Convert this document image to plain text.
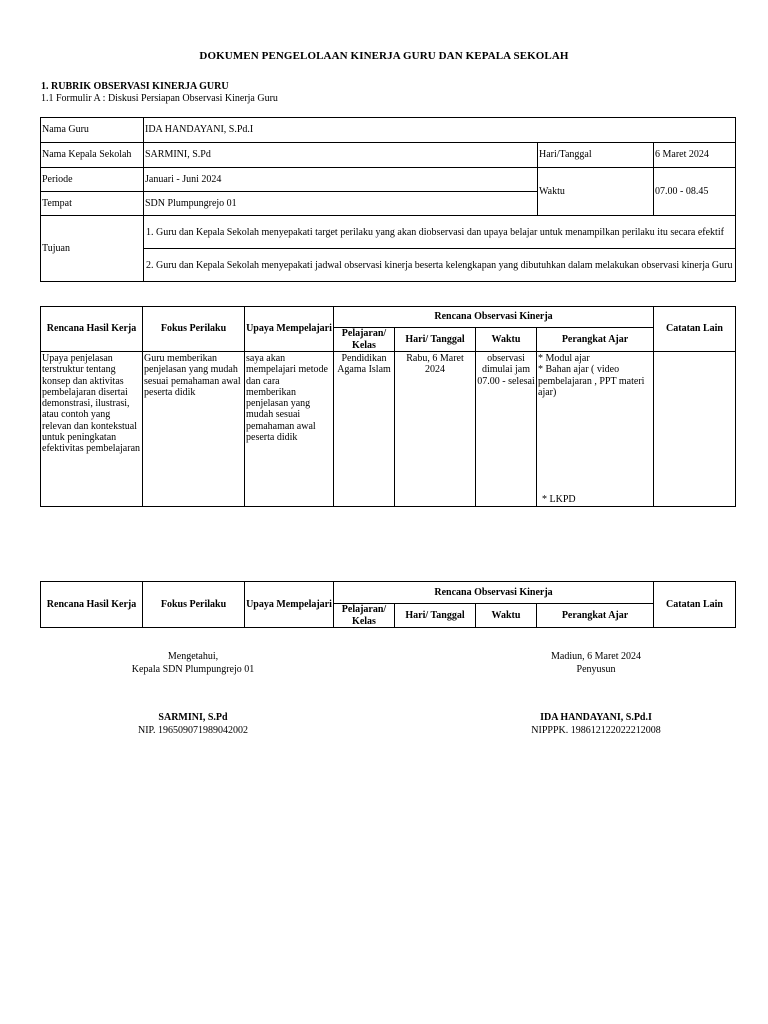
DOKUMEN PENGELOLAAN KINERJA GURU DAN KEPALA SEKOLAH
1. RUBRIK OBSERVASI KINERJA GURU
1.1 Formulir A : Diskusi Persiapan Observasi Kinerja Guru
Nama Guru	IDA HANDAYANI, S.Pd.I		
Nama Kepala Sekolah	SARMINI, S.Pd	Hari/Tanggal	6 Maret 2024
Periode	Januari - Juni 2024	Waktu	07.00 - 08.45
Tempat	SDN Plumpungrejo 01		
Tujuan	1. Guru dan Kepala Sekolah menyepakati target perilaku yang akan diobservasi dan upaya belajar untuk menampilkan perilaku itu secara efektif		

	2. Guru dan Kepala Sekolah menyepakati jadwal observasi kinerja beserta kelengkapan yang dibutuhkan dalam melakukan observasi kinerja Guru		
Rencana Hasil Kerja	Fokus Perilaku	Upaya Mempelajari	Rencana Observasi Kinerja				Catatan Lain
			Pelajaran/ Kelas	Hari/ Tanggal	Waktu	Perangkat Ajar	
Upaya penjelasan terstruktur tentang konsep dan aktivitas pembelajaran disertai demonstrasi, ilustrasi, atau contoh yang relevan dan kontekstual untuk peningkatan efektivitas pembelajaran	Guru memberikan penjelasan yang mudah sesuai pemahaman awal peserta didik	saya akan mempelajari metode dan cara memberikan penjelasan yang mudah sesuai pemahaman awal peserta didik	Pendidikan Agama Islam	Rabu, 6 Maret 2024	observasi dimulai jam 07.00 - selesai	* Modul ajar
* Bahan ajar ( video pembelajaran , PPT materi ajar)
* LKPD	

Rencana Hasil Kerja	Fokus Perilaku	Upaya Mempelajari	Rencana Observasi Kinerja				Catatan Lain
			Pelajaran/ Kelas	Hari/ Tanggal	Waktu	Perangkat Ajar	
Mengetahui,
Kepala SDN Plumpungrejo 01
SARMINI, S.Pd
NIP. 196509071989042002
Madiun, 6 Maret 2024
Penyusun
IDA HANDAYANI, S.Pd.I
NIPPPK. 198612122022212008
